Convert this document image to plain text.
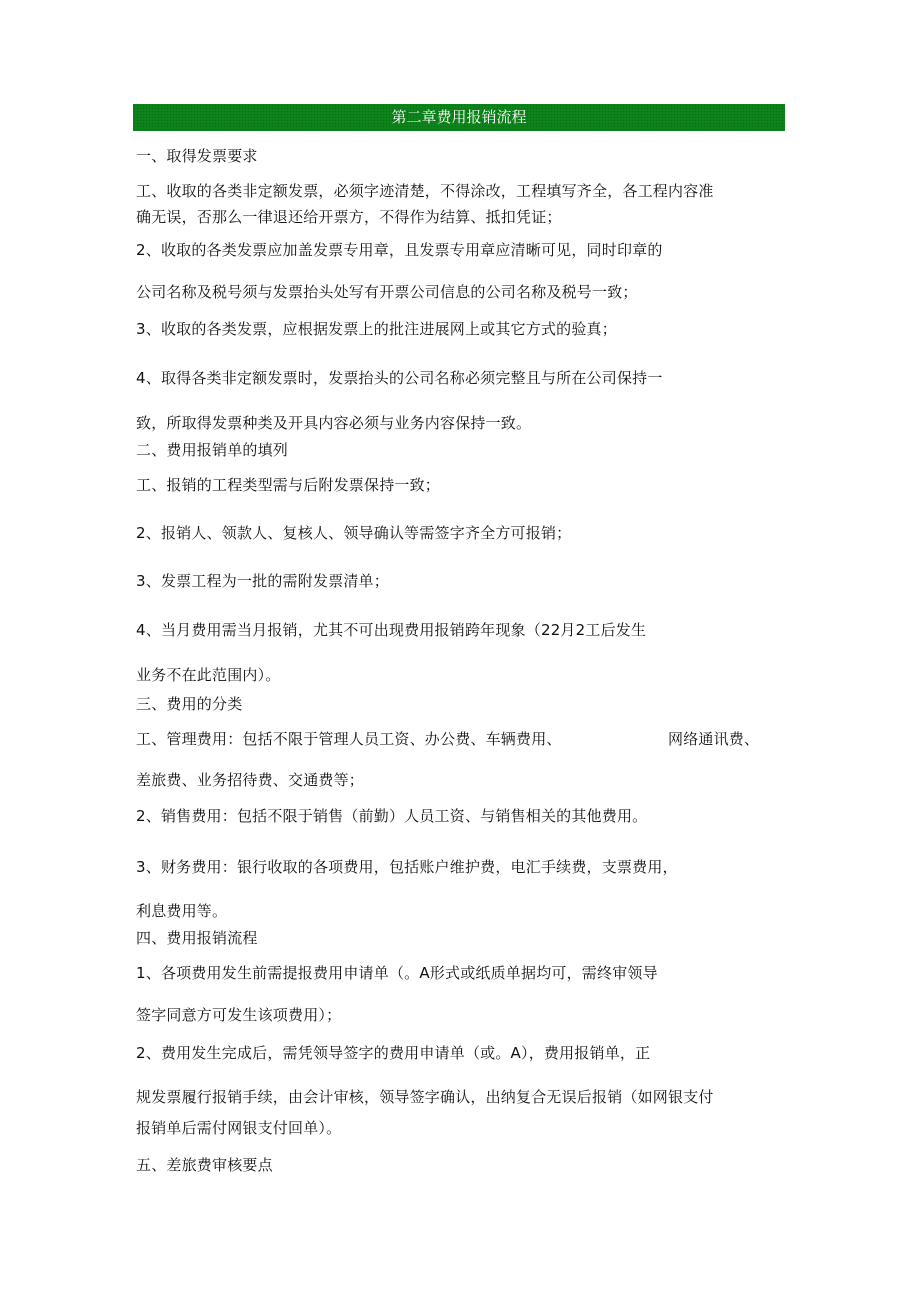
第二章费用报销流程
一、取得发票要求
工、收取的各类非定额发票，必须字迹清楚，不得涂改，工程填写齐全，各工程内容准
确无误，否那么一律退还给开票方，不得作为结算、抵扣凭证；
2、收取的各类发票应加盖发票专用章，且发票专用章应清晰可见，同时印章的
公司名称及税号须与发票抬头处写有开票公司信息的公司名称及税号一致；
3、收取的各类发票，应根据发票上的批注进展网上或其它方式的验真；
4、取得各类非定额发票时，发票抬头的公司名称必须完整且与所在公司保持一
致，所取得发票种类及开具内容必须与业务内容保持一致。
二、费用报销单的填列
工、报销的工程类型需与后附发票保持一致；
2、报销人、领款人、复核人、领导确认等需签字齐全方可报销；
3、发票工程为一批的需附发票清单；
4、当月费用需当月报销，尤其不可出现费用报销跨年现象（22月2工后发生
业务不在此范围内）。
三、费用的分类
工、管理费用：包括不限于管理人员工资、办公费、车辆费用、	网络通讯费、
差旅费、业务招待费、交通费等；
2、销售费用：包括不限于销售（前勤）人员工资、与销售相关的其他费用。
3、财务费用：银行收取的各项费用，包括账户维护费，电汇手续费，支票费用，
利息费用等。
四、费用报销流程
1、各项费用发生前需提报费用申请单（。A形式或纸质单据均可，需终审领导
签字同意方可发生该项费用）；
2、费用发生完成后，需凭领导签字的费用申请单（或。A），费用报销单，正
规发票履行报销手续，由会计审核，领导签字确认，出纳复合无误后报销（如网银支付
报销单后需付网银支付回单）。
五、差旅费审核要点
